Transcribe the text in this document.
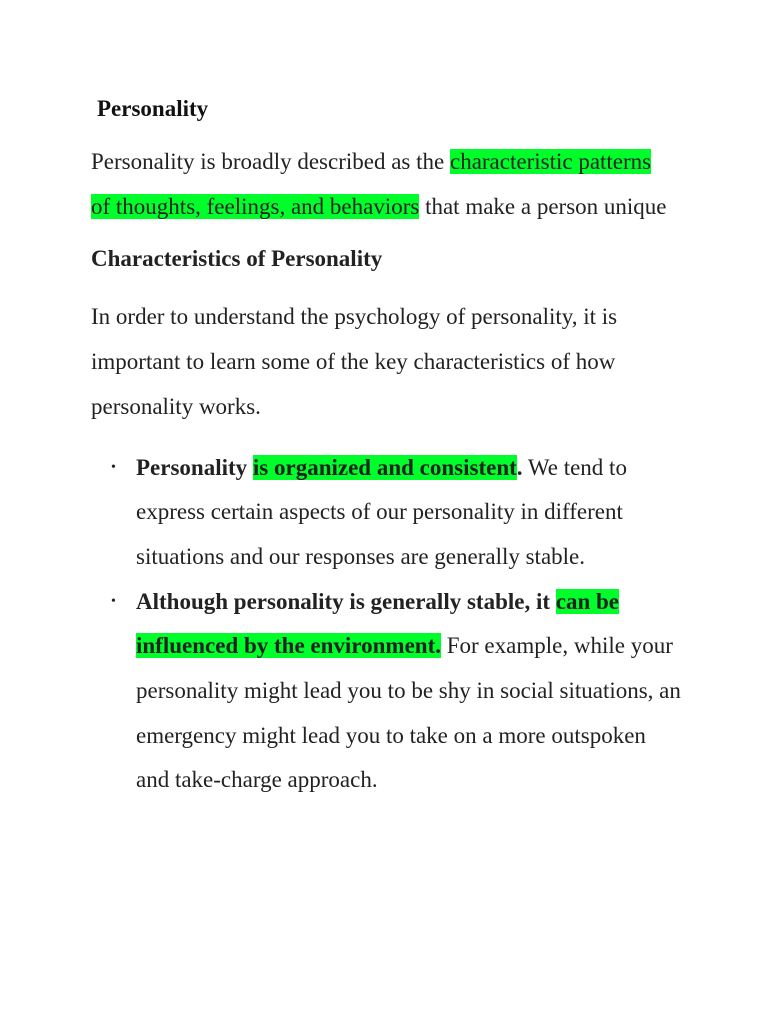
Personality

Personality is broadly described as the characteristic patterns of thoughts, feelings, and behaviors that make a person unique

Characteristics of Personality

In order to understand the psychology of personality, it is important to learn some of the key characteristics of how personality works.

• Personality is organized and consistent. We tend to express certain aspects of our personality in different situations and our responses are generally stable.
• Although personality is generally stable, it can be influenced by the environment. For example, while your personality might lead you to be shy in social situations, an emergency might lead you to take on a more outspoken and take-charge approach.
